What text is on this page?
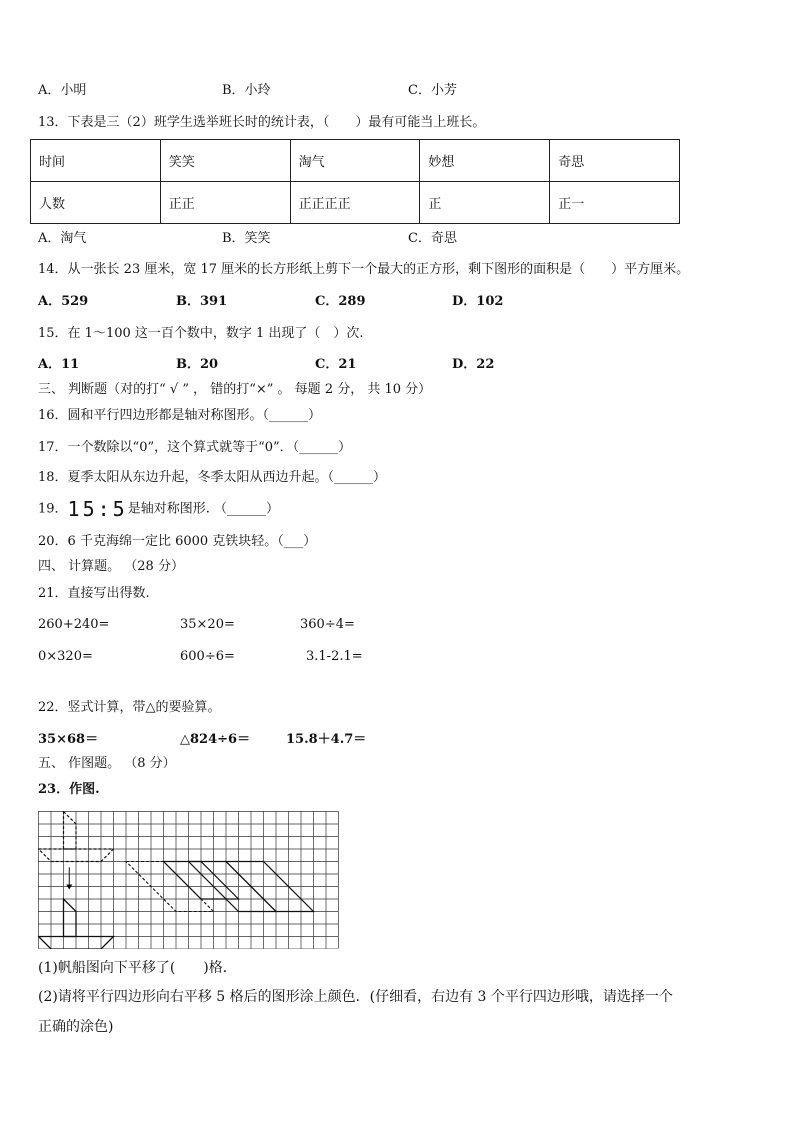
A．小明	B．小玲	C．小芳
13．下表是三（2）班学生选举班长时的统计表，（　　）最有可能当上班长。
时间	笑笑	淘气	妙想	奇思
人数	正正	正正正正	正	正一
A．淘气	B．笑笑	C．奇思
14．从一张长 23 厘米，宽 17 厘米的长方形纸上剪下一个最大的正方形，剩下图形的面积是（　　）平方厘米。
A．529	B．391	C．289	D．102
15．在 1～100 这一百个数中，数字 1 出现了（　）次.
A．11	B．20	C．21	D．22
三、 判断题（对的打“ √ ” ， 错的打“×” 。 每题 2 分， 共 10 分）
16．圆和平行四边形都是轴对称图形。（______）
17．一个数除以“0”，这个算式就等于“0”．（______）
18．夏季太阳从东边升起，冬季太阳从西边升起。（______）
19．15:5是轴对称图形. （______）
20．6 千克海绵一定比 6000 克铁块轻。（___）
四、 计算题。 （28 分）
21．直接写出得数.
260+240=	35×20=	360÷4=
0×320=	600÷6=	3.1-2.1=
22．竖式计算，带△的要验算。
35×68＝	△824÷6＝	15.8＋4.7＝
五、 作图题。 （8 分）
23．作图.
(1)帆船图向下平移了(　　)格．
(2)请将平行四边形向右平移 5 格后的图形涂上颜色．(仔细看，右边有 3 个平行四边形哦，请选择一个
正确的涂色)
